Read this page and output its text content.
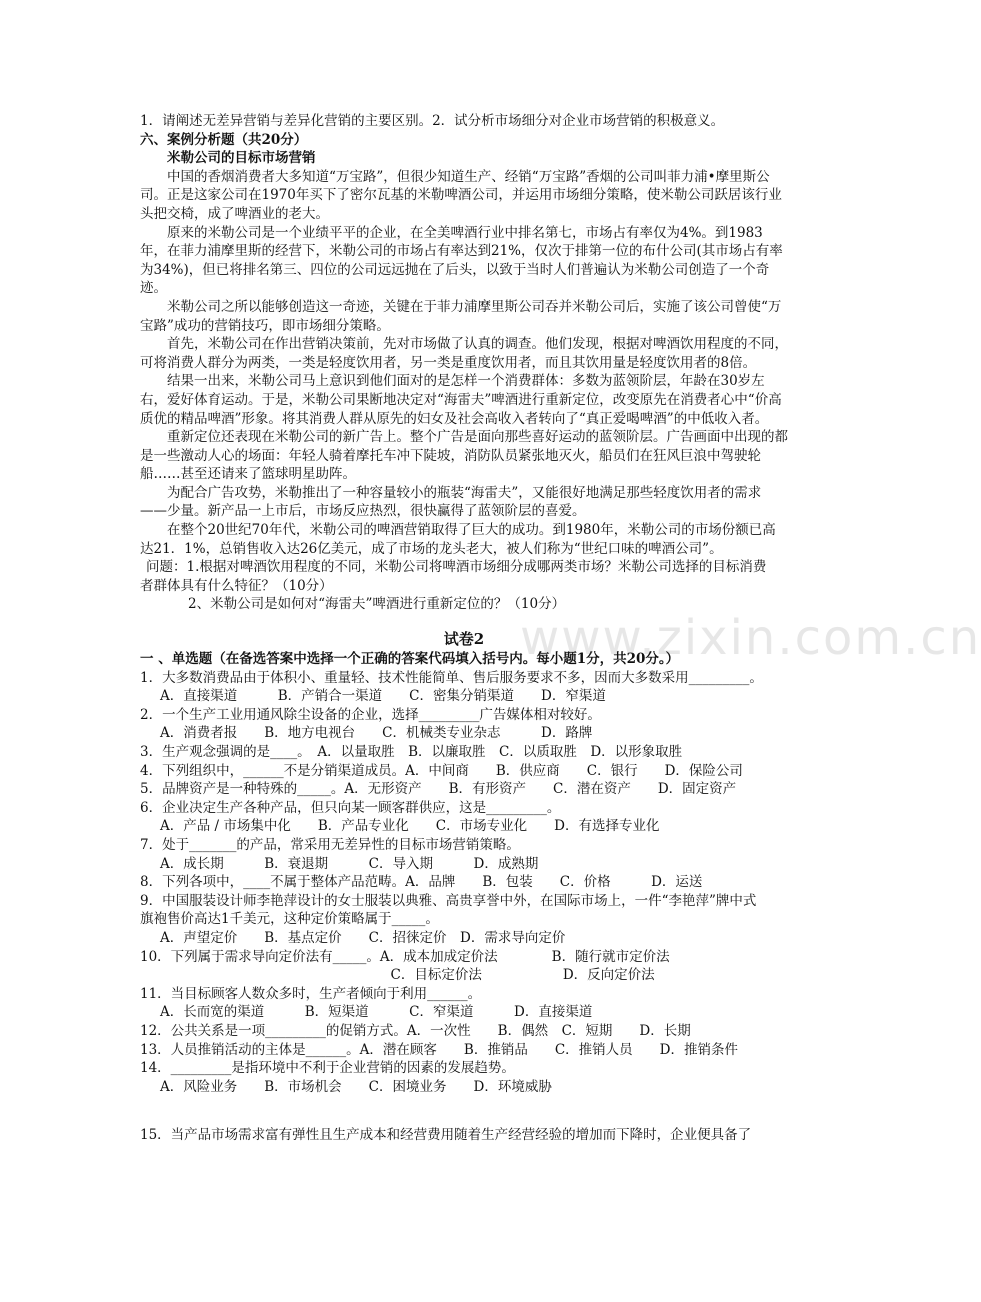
1．请阐述无差异营销与差异化营销的主要区别。2．试分析市场细分对企业市场营销的积极意义。
六、案例分析题（共20分）
米勒公司的目标市场营销
中国的香烟消费者大多知道“万宝路”，但很少知道生产、经销“万宝路”香烟的公司叫菲力浦•摩里斯公司。正是这家公司在1970年买下了密尔瓦基的米勒啤酒公司，并运用市场细分策略，使米勒公司跃居该行业头把交椅，成了啤酒业的老大。
原来的米勒公司是一个业绩平平的企业，在全美啤酒行业中排名第七，市场占有率仅为4%。到1983年，在菲力浦摩里斯的经营下，米勒公司的市场占有率达到21%，仅次于排第一位的布什公司(其市场占有率为34%)，但已将排名第三、四位的公司远远抛在了后头，以致于当时人们普遍认为米勒公司创造了一个奇迹。
米勒公司之所以能够创造这一奇迹，关键在于菲力浦摩里斯公司吞并米勒公司后，实施了该公司曾使“万宝路”成功的营销技巧，即市场细分策略。
首先，米勒公司在作出营销决策前，先对市场做了认真的调查。他们发现，根据对啤酒饮用程度的不同，可将消费人群分为两类，一类是轻度饮用者，另一类是重度饮用者，而且其饮用量是轻度饮用者的8倍。
结果一出来，米勒公司马上意识到他们面对的是怎样一个消费群体：多数为蓝领阶层，年龄在30岁左右，爱好体育运动。于是，米勒公司果断地决定对“海雷夫”啤酒进行重新定位，改变原先在消费者心中“价高质优的精品啤酒”形象。将其消费人群从原先的妇女及社会高收入者转向了“真正爱喝啤酒”的中低收入者。
重新定位还表现在米勒公司的新广告上。整个广告是面向那些喜好运动的蓝领阶层。广告画面中出现的都是一些激动人心的场面：年轻人骑着摩托车冲下陡坡，消防队员紧张地灭火，船员们在狂风巨浪中驾驶轮船……甚至还请来了篮球明星助阵。
为配合广告攻势，米勒推出了一种容量较小的瓶装“海雷夫”，又能很好地满足那些轻度饮用者的需求——少量。新产品一上市后，市场反应热烈，很快赢得了蓝领阶层的喜爱。
在整个20世纪70年代，米勒公司的啤酒营销取得了巨大的成功。到1980年，米勒公司的市场份额已高达21．1%，总销售收入达26亿美元，成了市场的龙头老大，被人们称为“世纪口味的啤酒公司”。
问题：1.根据对啤酒饮用程度的不同，米勒公司将啤酒市场细分成哪两类市场？米勒公司选择的目标消费
者群体具有什么特征？（10分）
2、米勒公司是如何对“海雷夫”啤酒进行重新定位的？（10分）
试卷2
一 、单选题（在备选答案中选择一个正确的答案代码填入括号内。每小题1分，共20分。）
1．大多数消费品由于体积小、重量轻、技术性能简单、售后服务要求不多，因而大多数采用_________。
A．直接渠道　　　B．产销合一渠道　　C．密集分销渠道　　D．窄渠道
2．一个生产工业用通风除尘设备的企业，选择_________广告媒体相对较好。
A．消费者报　　B．地方电视台　　C．机械类专业杂志　　　D．路牌
3．生产观念强调的是____。　A．以量取胜　B．以廉取胜　C．以质取胜　D．以形象取胜
4．下列组织中，______不是分销渠道成员。A．中间商　　B．供应商　　C．银行　　D．保险公司
5．品牌资产是一种特殊的_____。A．无形资产　　B．有形资产　　C．潜在资产　　D．固定资产
6．企业决定生产各种产品，但只向某一顾客群供应，这是_________。
A．产品 / 市场集中化　　B．产品专业化　　C．市场专业化　　D．有选择专业化
7．处于_______的产品，常采用无差异性的目标市场营销策略。
A．成长期　　　B．衰退期　　　C．导入期　　　D．成熟期
8．下列各项中，____不属于整体产品范畴。A．品牌　　B．包装　　C．价格　　　D．运送
9．中国服装设计师李艳萍设计的女士服装以典雅、高贵享誉中外，在国际市场上，一件“李艳萍”牌中式
旗袍售价高达1千美元，这种定价策略属于_____。
A．声望定价　　B．基点定价　　C．招徕定价　D．需求导向定价
10．下列属于需求导向定价法有_____。A．成本加成定价法　　　　B．随行就市定价法
　　　　　　　　　　　　　　　C．目标定价法　　　　　　D．反向定价法
11．当目标顾客人数众多时，生产者倾向于利用______。
A．长而宽的渠道　　　B．短渠道　　　C．窄渠道　　　D．直接渠道
12．公共关系是一项_________的促销方式。A．一次性　　B．偶然　C．短期　　D．长期
13．人员推销活动的主体是______。A．潜在顾客　　B．推销品　　C．推销人员　　D．推销条件
14．_________是指环境中不利于企业营销的因素的发展趋势。
A．风险业务　　B．市场机会　　C．困境业务　　D．环境威胁
15．当产品市场需求富有弹性且生产成本和经营费用随着生产经营经验的增加而下降时，企业便具备了
www.zixin.com.cn
